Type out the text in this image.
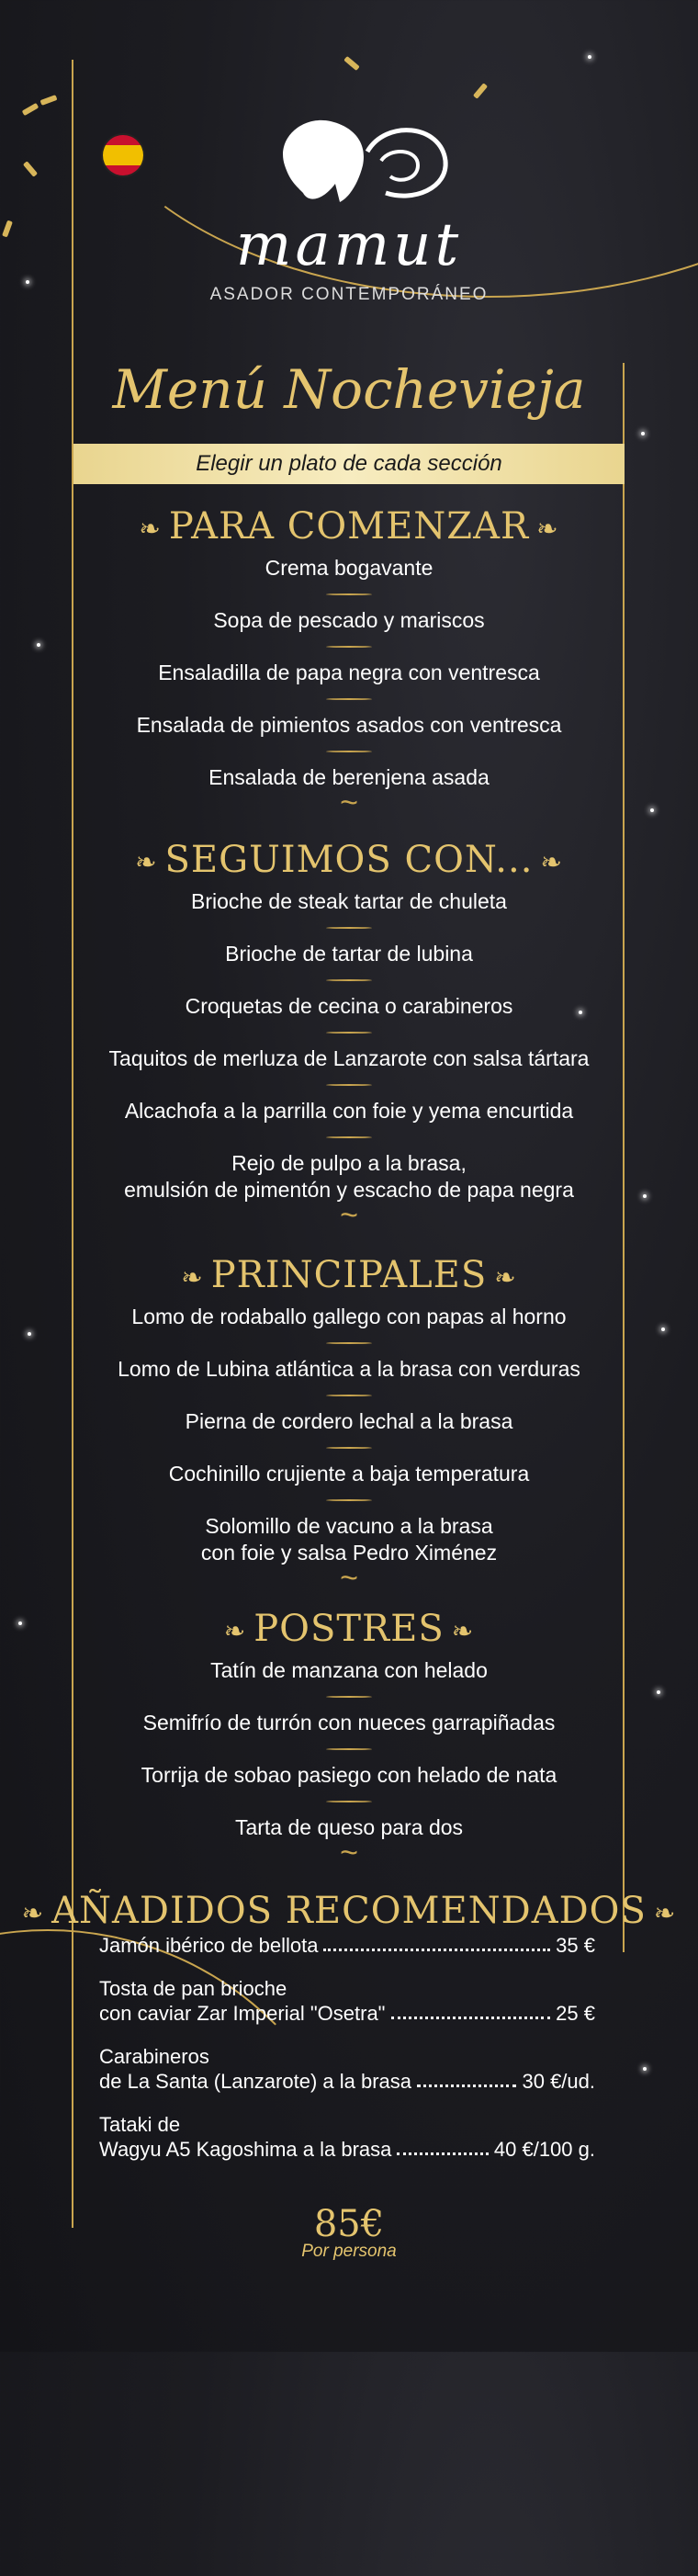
mamut
ASADOR CONTEMPORÁNEO
Menú Nochevieja
Elegir un plato de cada sección
❧ PARA COMENZAR ❧
Crema bogavante
Sopa de pescado y mariscos
Ensaladilla de papa negra con ventresca
Ensalada de pimientos asados con ventresca
Ensalada de berenjena asada
~
❧ SEGUIMOS CON... ❧
Brioche de steak tartar de chuleta
Brioche de tartar de lubina
Croquetas de cecina o carabineros
Taquitos de merluza de Lanzarote con salsa tártara
Alcachofa a la parrilla con foie y yema encurtida
Rejo de pulpo a la brasa,
emulsión de pimentón y escacho de papa negra
~
❧ PRINCIPALES ❧
Lomo de rodaballo gallego con papas al horno
Lomo de Lubina atlántica a la brasa con verduras
Pierna de cordero lechal a la brasa
Cochinillo crujiente a baja temperatura
Solomillo de vacuno a la brasa
con foie y salsa Pedro Ximénez
~
❧ POSTRES ❧
Tatín de manzana con helado
Semifrío de turrón con nueces garrapiñadas
Torrija de sobao pasiego con helado de nata
Tarta de queso para dos
~
❧ AÑADIDOS RECOMENDADOS ❧
Jamón ibérico de bellota	35 €
Tosta de pan brioche
con caviar Zar Imperial "Osetra"	25 €
Carabineros
de La Santa (Lanzarote) a la brasa	30 €/ud.
Tataki de
Wagyu A5 Kagoshima a la brasa	40 €/100 g.
85€
Por persona
